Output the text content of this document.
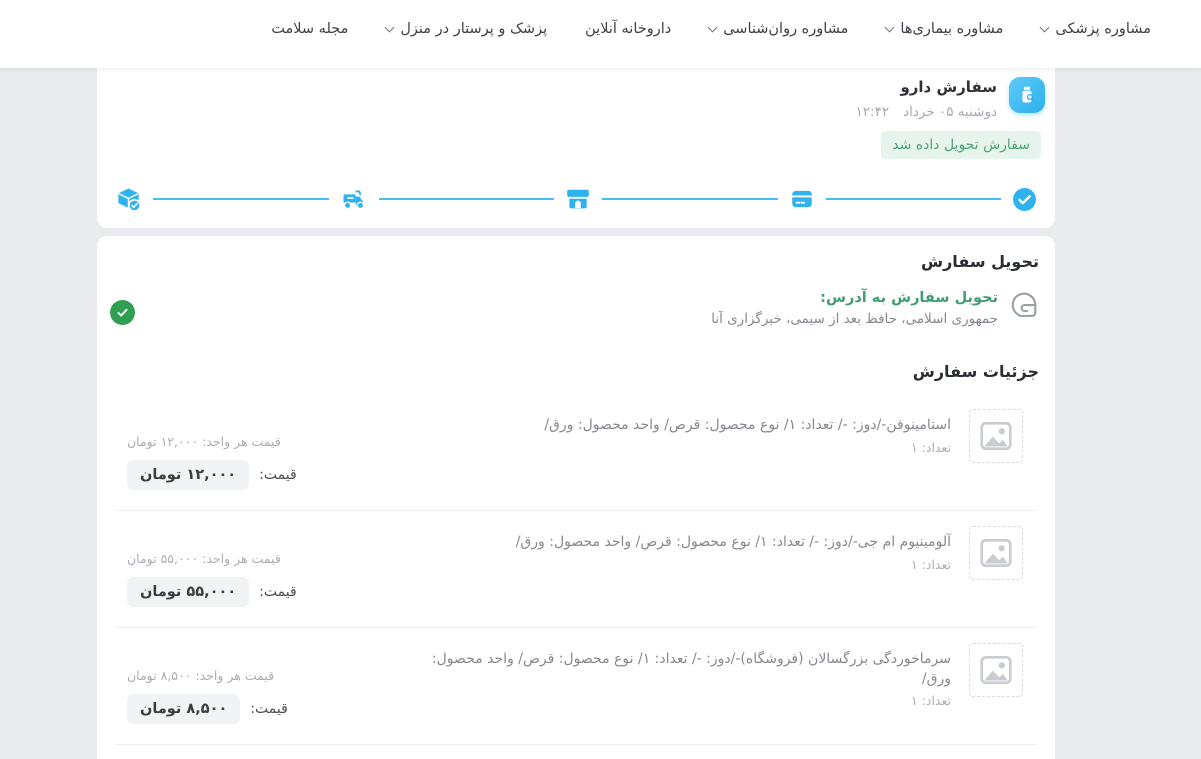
مشاوره پزشکی
مشاوره بیماری‌ها
مشاوره روان‌شناسی
داروخانه آنلاین
پزشک و پرستار در منزل
مجله سلامت
سفارش دارو
دوشنبه ۰۵ خرداد
۱۲:۴۲
سفارش تحویل داده شد
تحویل سفارش
تحویل سفارش به آدرس:
جمهوری اسلامی، حافظ بعد از سیمی، خبرگزاری آنا
جزئیات سفارش
استامینوفن-/دوز: -/ تعداد: ۱/ نوع محصول: قرص/ واحد محصول: ورق/
تعداد: ۱
قیمت هر واحد: ۱۲,۰۰۰ تومان
قیمت:
۱۲,۰۰۰ تومان
آلومینیوم ام جی-/دوز: -/ تعداد: ۱/ نوع محصول: قرص/ واحد محصول: ورق/
تعداد: ۱
قیمت هر واحد: ۵۵,۰۰۰ تومان
قیمت:
۵۵,۰۰۰ تومان
سرماخوردگی بزرگسالان (فروشگاه)-/دوز: -/ تعداد: ۱/ نوع محصول: قرص/ واحد محصول: ورق/
تعداد: ۱
قیمت هر واحد: ۸,۵۰۰ تومان
قیمت:
۸,۵۰۰ تومان
